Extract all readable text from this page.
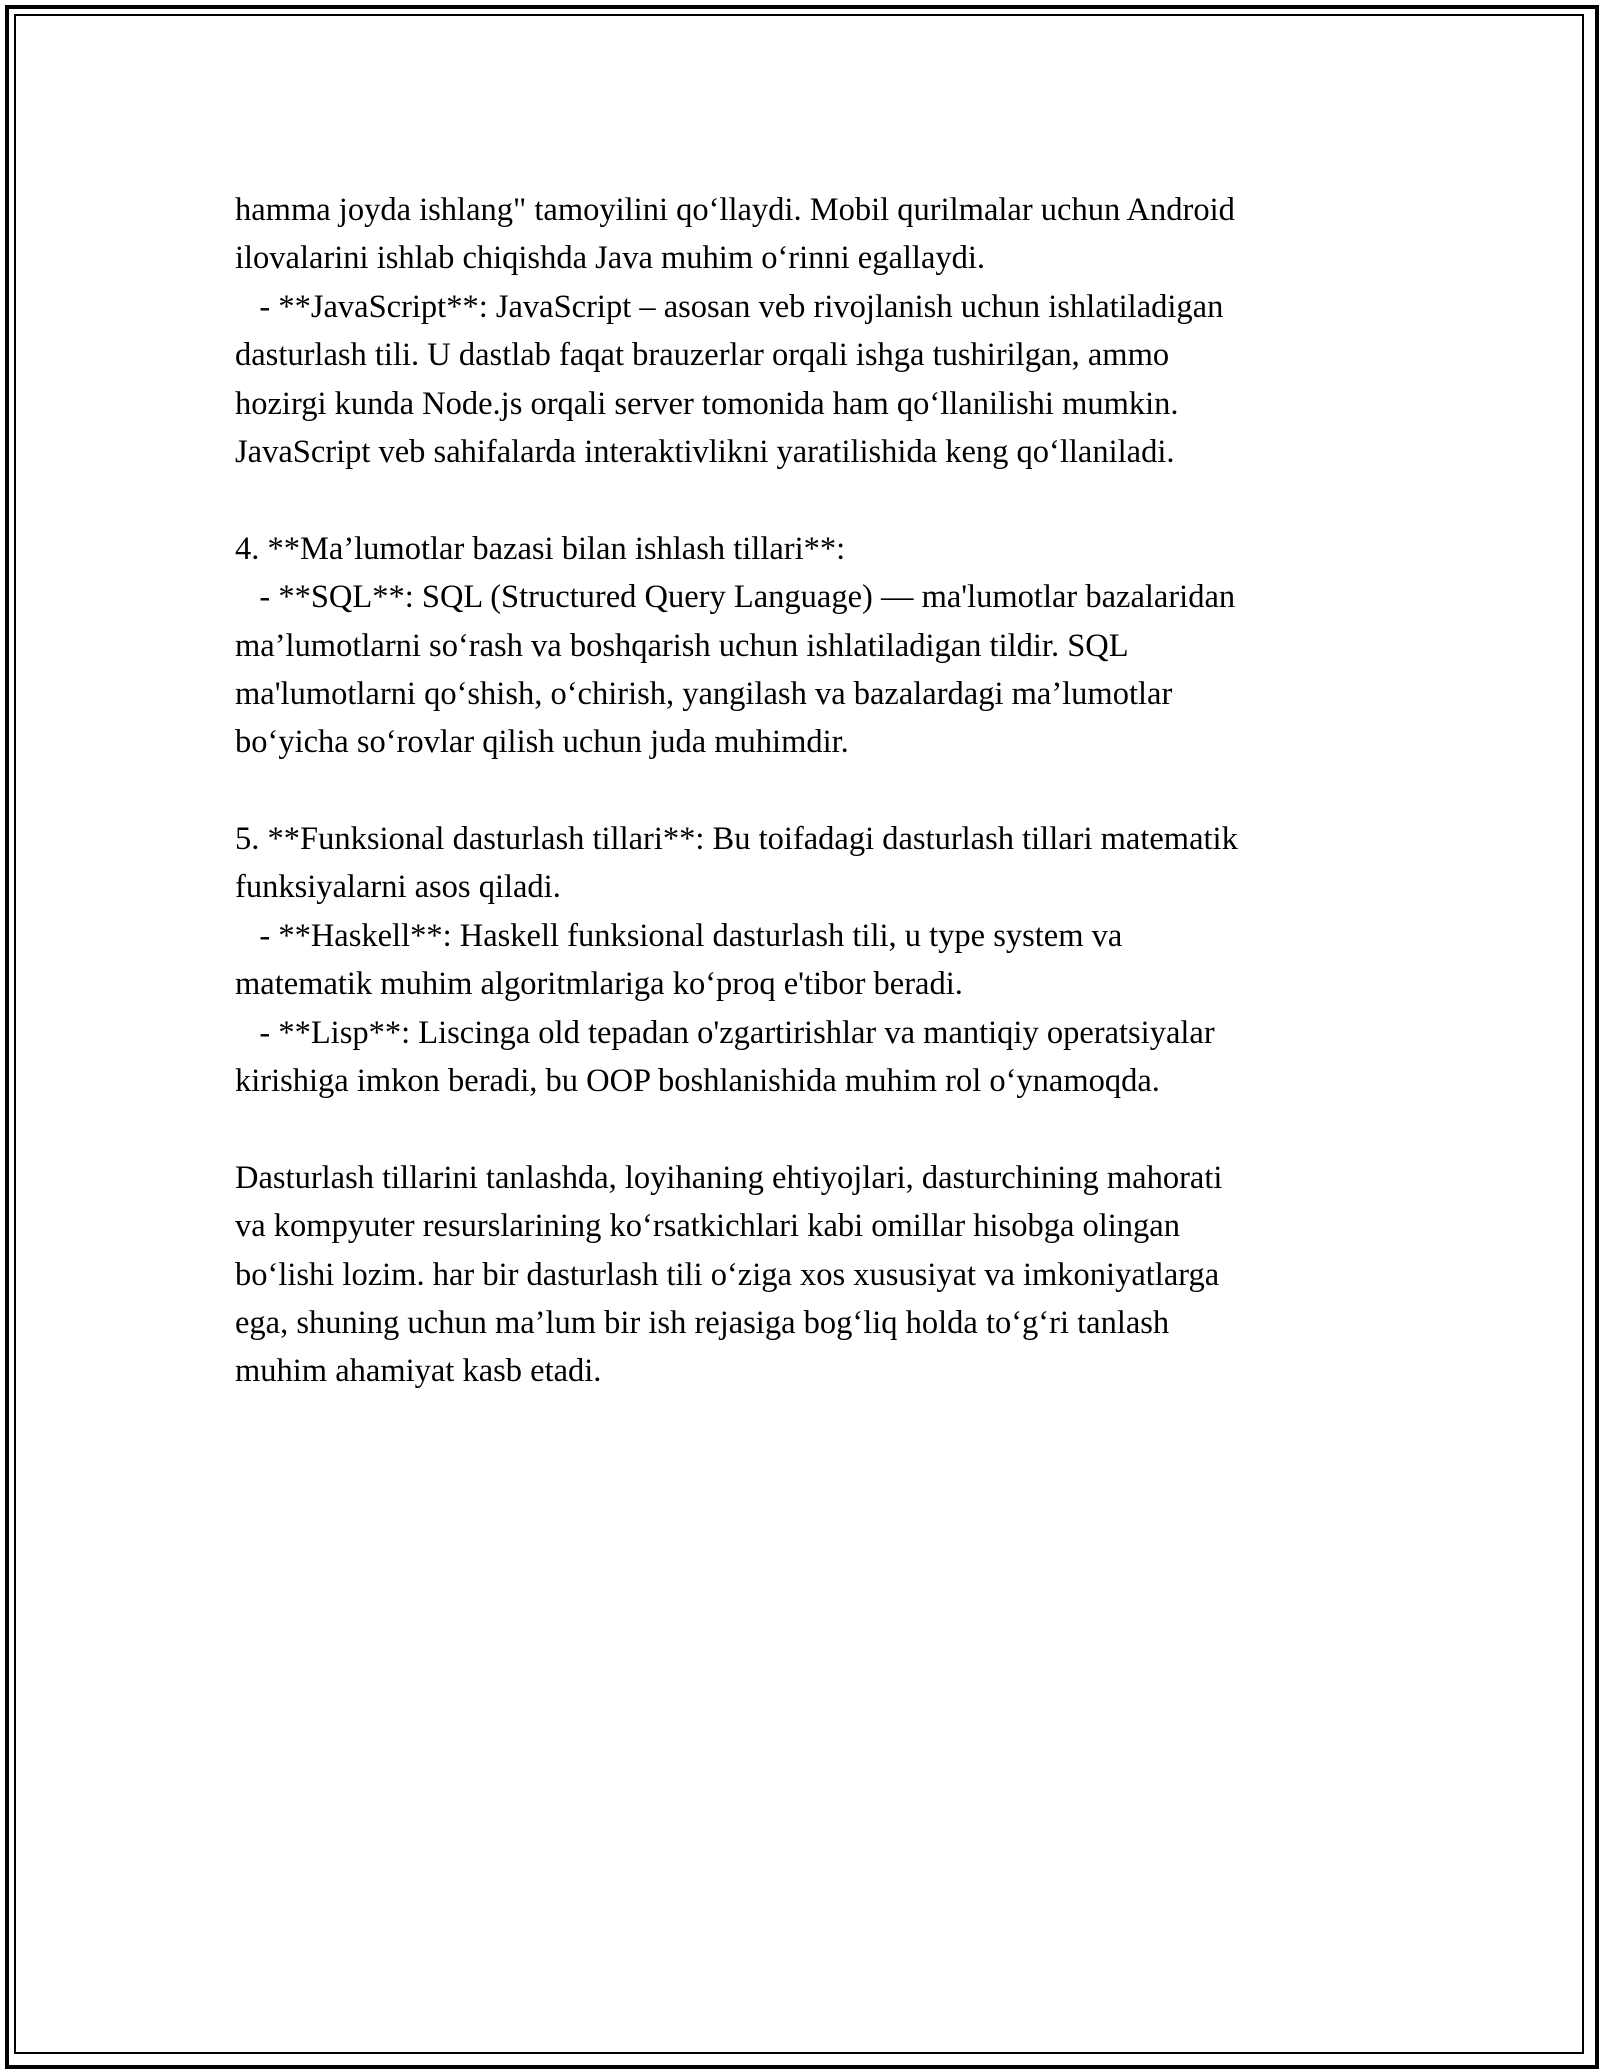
hamma joyda ishlang" tamoyilini qo‘llaydi. Mobil qurilmalar uchun Android
ilovalarini ishlab chiqishda Java muhim o‘rinni egallaydi.
- **JavaScript**: JavaScript – asosan veb rivojlanish uchun ishlatiladigan
dasturlash tili. U dastlab faqat brauzerlar orqali ishga tushirilgan, ammo
hozirgi kunda Node.js orqali server tomonida ham qo‘llanilishi mumkin.
JavaScript veb sahifalarda interaktivlikni yaratilishida keng qo‘llaniladi.
4. **Ma’lumotlar bazasi bilan ishlash tillari**:
- **SQL**: SQL (Structured Query Language) — ma'lumotlar bazalaridan
ma’lumotlarni so‘rash va boshqarish uchun ishlatiladigan tildir. SQL
ma'lumotlarni qo‘shish, o‘chirish, yangilash va bazalardagi ma’lumotlar
bo‘yicha so‘rovlar qilish uchun juda muhimdir.
5. **Funksional dasturlash tillari**: Bu toifadagi dasturlash tillari matematik
funksiyalarni asos qiladi.
- **Haskell**: Haskell funksional dasturlash tili, u type system va
matematik muhim algoritmlariga ko‘proq e'tibor beradi.
- **Lisp**: Liscinga old tepadan o'zgartirishlar va mantiqiy operatsiyalar
kirishiga imkon beradi, bu OOP boshlanishida muhim rol o‘ynamoqda.
Dasturlash tillarini tanlashda, loyihaning ehtiyojlari, dasturchining mahorati
va kompyuter resurslarining ko‘rsatkichlari kabi omillar hisobga olingan
bo‘lishi lozim. har bir dasturlash tili o‘ziga xos xususiyat va imkoniyatlarga
ega, shuning uchun ma’lum bir ish rejasiga bog‘liq holda to‘g‘ri tanlash
muhim ahamiyat kasb etadi.
